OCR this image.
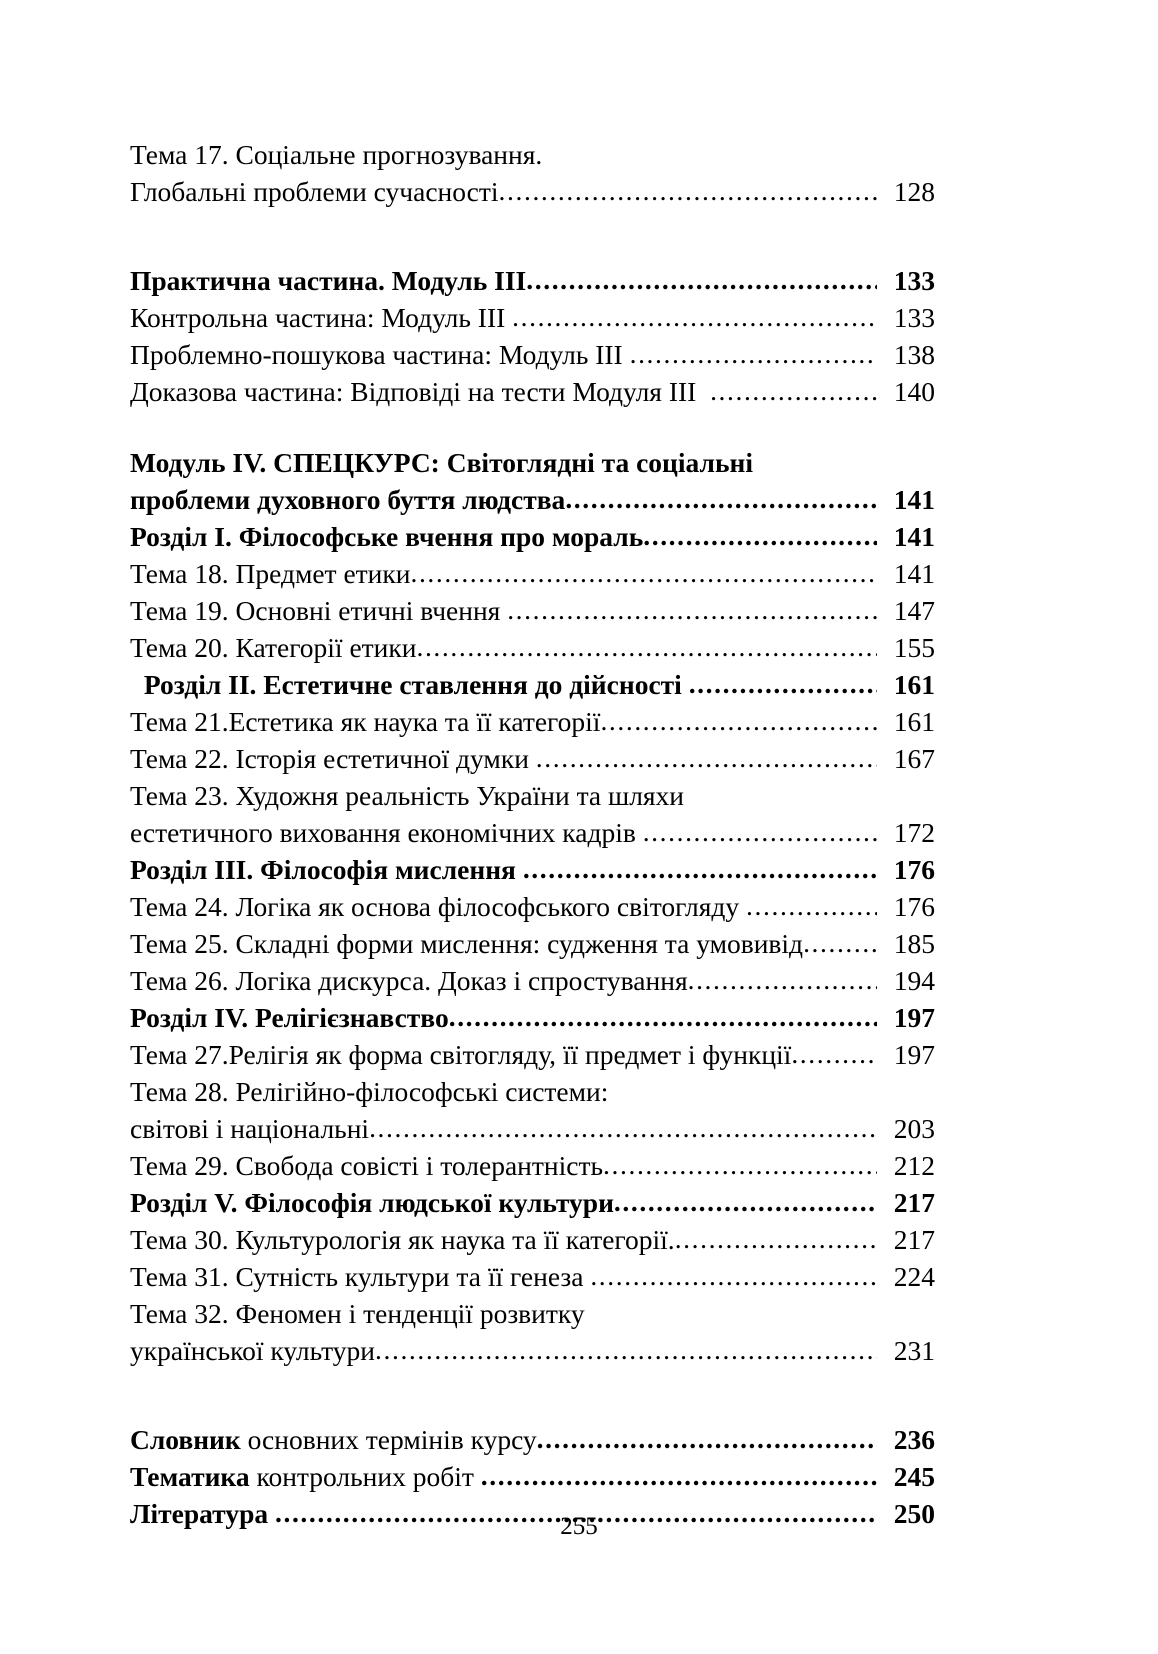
Тема 17. Соціальне прогнозування.
Глобальні проблеми сучасності .....	128
Практична частина. Модуль III .....	133
Контрольна частина: Модуль III .....	133
Проблемно-пошукова частина: Модуль III .....	138
Доказова частина: Відповіді на тести Модуля III .....	140
Модуль IV. СПЕЦКУРС: Світоглядні та соціальні
проблеми духовного буття людства .....	141
Розділ I. Філософське вчення про мораль .....	141
Тема 18. Предмет етики .....	141
Тема 19. Основні етичні вчення .....	147
Тема 20. Категорії етики .....	155
Розділ II. Естетичне ставлення до дійсності .....	161
Тема 21.Естетика як наука та її категорії .....	161
Тема 22. Історія естетичної думки .....	167
Тема 23. Художня реальність України та шляхи
естетичного виховання економічних кадрів .....	172
Розділ III. Філософія мислення .....	176
Тема 24. Логіка як основа філософського світогляду .....	176
Тема 25. Складні форми мислення: судження та умовивід .....	185
Тема 26. Логіка дискурса. Доказ і спростування .....	194
Розділ IV. Релігієзнавство .....	197
Тема 27.Релігія як форма світогляду, її предмет і функції .....	197
Тема 28. Релігійно-філософські системи:
світові і національні .....	203
Тема 29. Свобода совісті і толерантність .....	212
Розділ V. Філософія людської культури .....	217
Тема 30. Культурологія як наука та її категорії. .....	217
Тема 31. Сутність культури та її генеза .....	224
Тема 32. Феномен і тенденції розвитку
української культури .....	231
Словник основних термінів курсу .....	236
Тематика контрольних робіт .....	245
Література .....	250
255
